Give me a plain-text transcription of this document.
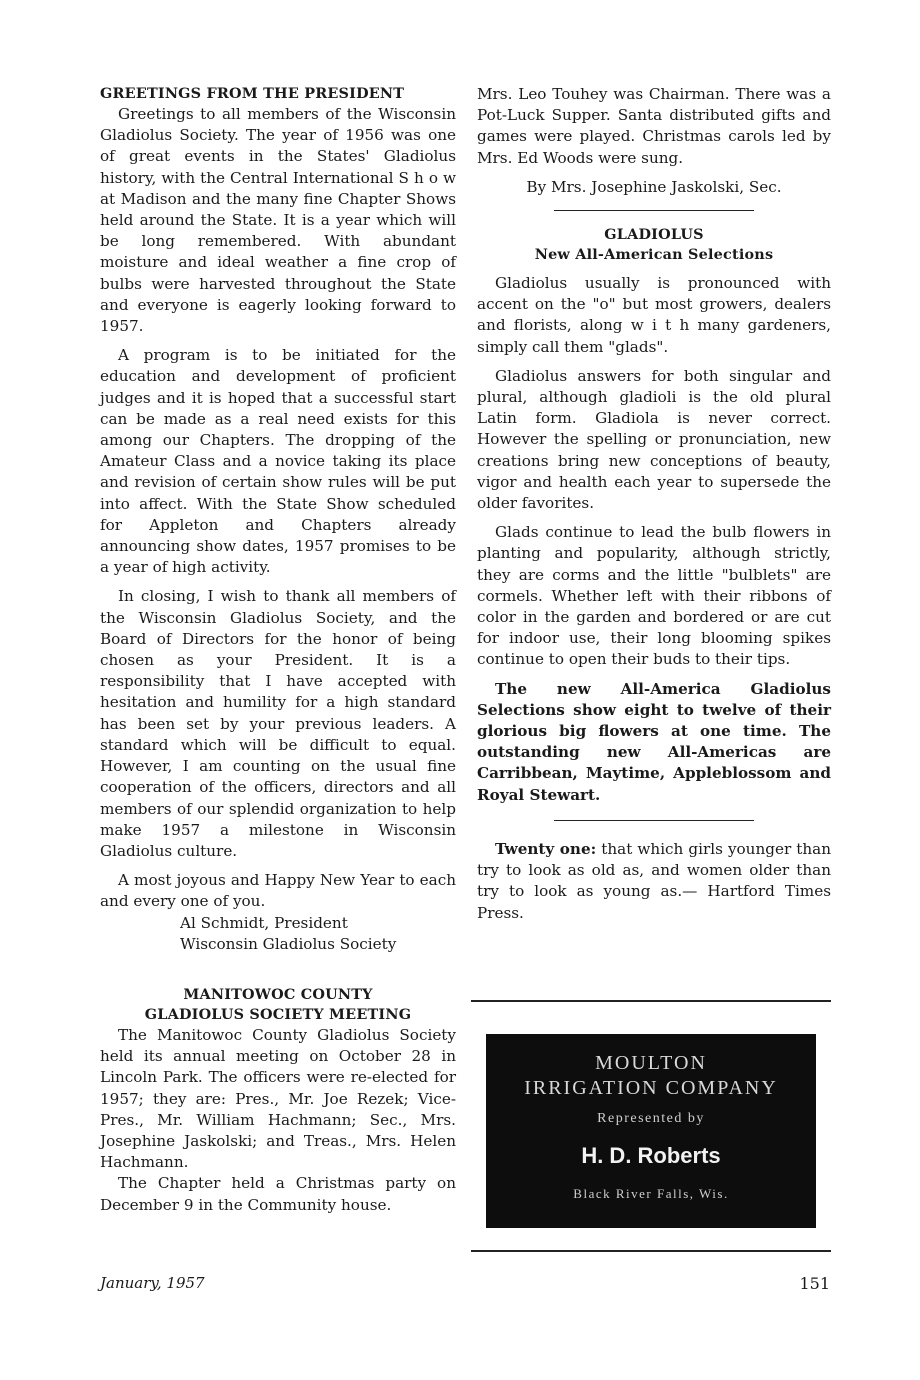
GREETINGS FROM THE PRESIDENT

Greetings to all members of the Wisconsin Gladiolus Society. The year of 1956 was one of great events in the States' Gladiolus history, with the Central International S h o w at Madison and the many fine Chapter Shows held around the State. It is a year which will be long remembered. With abundant moisture and ideal weather a fine crop of bulbs were harvested throughout the State and everyone is eagerly looking forward to 1957.

A program is to be initiated for the education and development of proficient judges and it is hoped that a successful start can be made as a real need exists for this among our Chapters. The dropping of the Amateur Class and a novice taking its place and revision of certain show rules will be put into affect. With the State Show scheduled for Appleton and Chapters already announcing show dates, 1957 promises to be a year of high activity.

In closing, I wish to thank all members of the Wisconsin Gladiolus Society, and the Board of Directors for the honor of being chosen as your President. It is a responsibility that I have accepted with hesitation and humility for a high standard has been set by your previous leaders. A standard which will be difficult to equal. However, I am counting on the usual fine cooperation of the officers, directors and all members of our splendid organization to help make 1957 a milestone in Wisconsin Gladiolus culture.

A most joyous and Happy New Year to each and every one of you.

Al Schmidt, President

Wisconsin Gladiolus Society

MANITOWOC COUNTY

GLADIOLUS SOCIETY MEETING

The Manitowoc County Gladiolus Society held its annual meeting on October 28 in Lincoln Park. The officers were re-elected for 1957; they are: Pres., Mr. Joe Rezek; Vice-Pres., Mr. William Hachmann; Sec., Mrs. Josephine Jaskolski; and Treas., Mrs. Helen Hachmann.

The Chapter held a Christmas party on December 9 in the Community house.

Mrs. Leo Touhey was Chairman. There was a Pot-Luck Supper. Santa distributed gifts and games were played. Christmas carols led by Mrs. Ed Woods were sung.

By Mrs. Josephine Jaskolski, Sec.

GLADIOLUS

New All-American Selections

Gladiolus usually is pronounced with accent on the "o" but most growers, dealers and florists, along w i t h many gardeners, simply call them "glads".

Gladiolus answers for both singular and plural, although gladioli is the old plural Latin form. Gladiola is never correct. However the spelling or pronunciation, new creations bring new conceptions of beauty, vigor and health each year to supersede the older favorites.

Glads continue to lead the bulb flowers in planting and popularity, although strictly, they are corms and the little "bulblets" are cormels. Whether left with their ribbons of color in the garden and bordered or are cut for indoor use, their long blooming spikes continue to open their buds to their tips.

The new All-America Gladiolus Selections show eight to twelve of their glorious big flowers at one time. The outstanding new All-Americas are Carribbean, Maytime, Appleblossom and Royal Stewart.

Twenty one: that which girls younger than try to look as old as, and women older than try to look as young as.— Hartford Times Press.

MOULTON
IRRIGATION COMPANY
Represented by
H. D. Roberts
Black River Falls, Wis.
January, 1957	151
